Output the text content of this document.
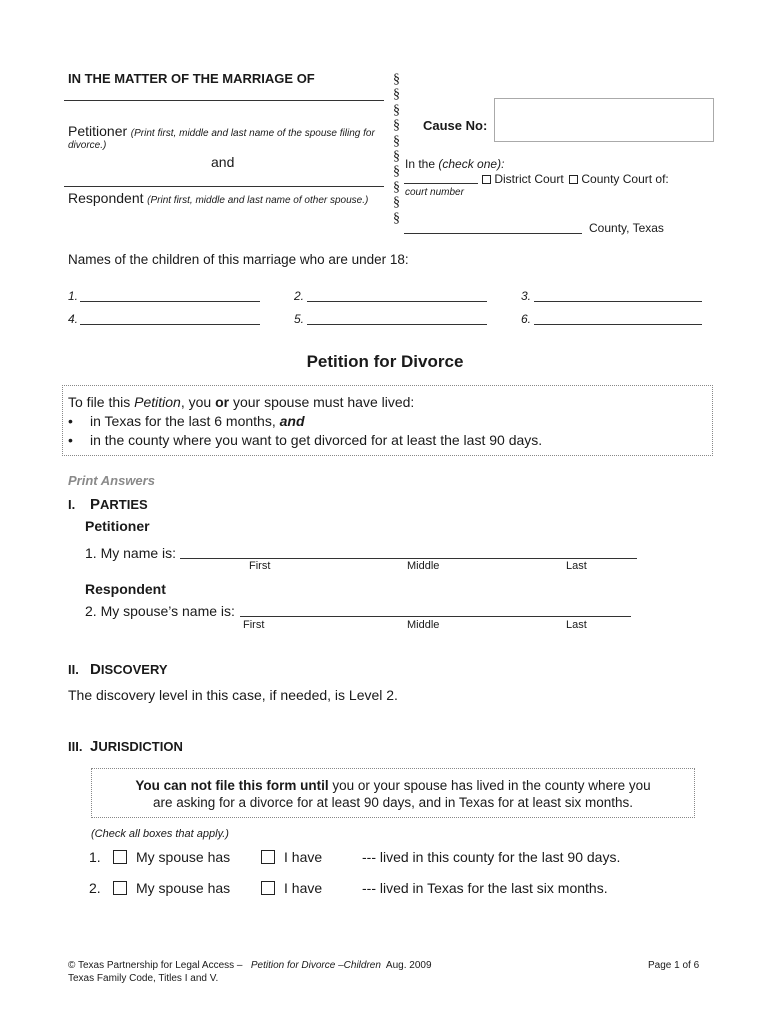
IN THE MATTER OF THE MARRIAGE OF
Petitioner (Print first, middle and last name of the spouse filing for
divorce.)
and
Respondent (Print first, middle and last name of other spouse.)
§
§
§
§
§
§
§
§
§
§
Cause No:
In the (check one):
District Court County Court of:
court number
County, Texas
Names of the children of this marriage who are under 18:
1.	2.	3.
4.	5.	6.
Petition for Divorce
To file this Petition, you or your spouse must have lived:
• in Texas for the last 6 months, and
• in the county where you want to get divorced for at least the last 90 days.
Print Answers
I. PARTIES
Petitioner
1. My name is:
First	Middle	Last
Respondent
2. My spouse’s name is:
First	Middle	Last
II. DISCOVERY
The discovery level in this case, if needed, is Level 2.
III. JURISDICTION
You can not file this form until you or your spouse has lived in the county where you
are asking for a divorce for at least 90 days, and in Texas for at least six months.
(Check all boxes that apply.)
1.	My spouse has	I have	--- lived in this county for the last 90 days.
2.	My spouse has	I have	--- lived in Texas for the last six months.
© Texas Partnership for Legal Access – Petition for Divorce –Children Aug. 2009
Texas Family Code, Titles I and V.
Page 1 of 6
